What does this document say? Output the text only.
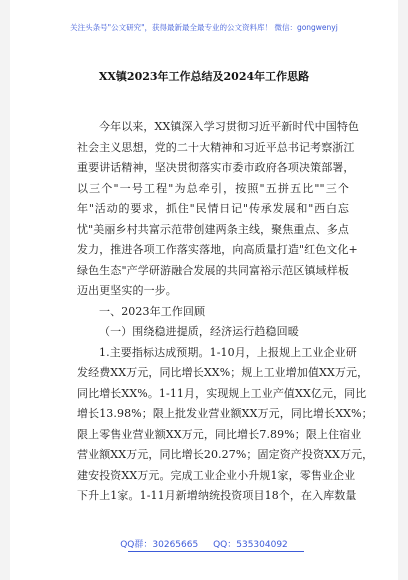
关注头条号"公文研究"，获得最新最全最专业的公文资料库！ 微信：gongwenyj
XX镇2023年工作总结及2024年工作思路
今年以来，XX镇深入学习贯彻习近平新时代中国特色
社会主义思想，党的二十大精神和习近平总书记考察浙江
重要讲话精神，坚决贯彻落实市委市政府各项决策部署，
以三个"一号工程"为总牵引，按照"五拼五比""三个
年"活动的要求，抓住"民情日记"传承发展和"西白忘
忧"美丽乡村共富示范带创建两条主线，聚焦重点、多点
发力，推进各项工作落实落地，向高质量打造"红色文化+
绿色生态"产学研游融合发展的共同富裕示范区镇域样板
迈出更坚实的一步。
一、2023年工作回顾
（一）围绕稳进提质，经济运行趋稳回暖
1.主要指标达成预期。1-10月，上报规上工业企业研
发经费XX万元，同比增长XX%；规上工业增加值XX万元，
同比增长XX%。1-11月，实现规上工业产值XX亿元，同比
增长13.98%；限上批发业营业额XX万元，同比增长XX%；
限上零售业营业额XX万元，同比增长7.89%；限上住宿业
营业额XX万元，同比增长20.27%；固定资产投资XX万元，
建安投资XX万元。完成工业企业小升规1家，零售业企业
下升上1家。1-11月新增纳统投资项目18个，在入库数量
QQ群：30265665 QQ：535304092
